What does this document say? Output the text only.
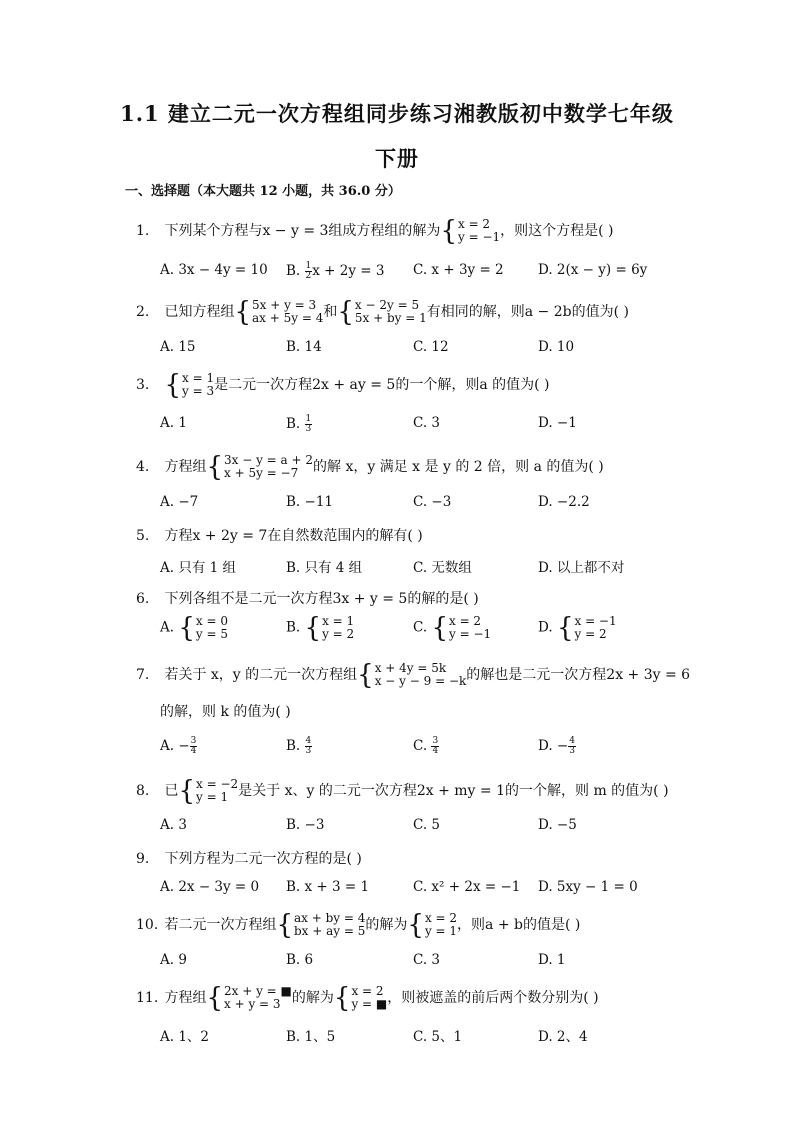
1.1 建立二元一次方程组同步练习湘教版初中数学七年级
下册
一、选择题（本大题共 12 小题，共 36.0 分）
1. 下列某个方程与x − y = 3组成方程组的解为 { x = 2
y = −1 ，则这个方程是( )
A. 3x − 4y = 10 B. $\frac{1}{2}$ x + 2y = 3 C. x + 3y = 2	D. 2(x − y) = 6y
2. 已知方程组 { 5x + y = 3
ax + 5y = 4 和 { x − 2y = 5
5x + by = 1 有相同的解，则a − 2b的值为( )
A. 15	B. 14	C. 12	D. 10
3. { x = 1
y = 3 是二元一次方程2x + ay = 5的一个解，则a 的值为( )
A. 1	B. $\frac{1}{3}$	C. 3	D. −1
4. 方程组 { 3x − y = a + 2
x + 5y = −7	的解 x，y 满足 x 是 y 的 2 倍，则 a 的值为( )
A. −7	B. −11	C. −3	D. −2.2
5. 方程x + 2y = 7在自然数范围内的解有( )
A. 只有 1 组	B. 只有 4 组	C. 无数组	D. 以上都不对
6. 下列各组不是二元一次方程3x + y = 5的解的是( )
A. { x = 0
y = 5	B. { x = 1
y = 2	C. { x = 2
y = −1	D. { x = −1
y = 2
7. 若关于 x，y 的二元一次方程组 { x + 4y = 5k
x − y − 9 = −k 的解也是二元一次方程2x + 3y = 6
的解，则 k 的值为( )
A. − $\frac{3}{4}$	B. $\frac{4}{3}$	C. $\frac{3}{4}$	D. − $\frac{4}{3}$
8. 已 { x = −2
y = 1 是关于 x、y 的二元一次方程2x + my = 1的一个解，则 m 的值为( )
A. 3	B. −3	C. 5	D. −5
9. 下列方程为二元一次方程的是( )
A. 2x − 3y = 0 B. x + 3 = 1	C. x² + 2x = −1 D. 5xy − 1 = 0
10. 若二元一次方程组 { ax + by = 4
bx + ay = 5 的解为 { x = 2
y = 1 ，则a + b的值是( )
A. 9	B. 6	C. 3	D. 1
11. 方程组 { 2x + y = ■
x + y = 3 的解为 { x = 2
y = ■ ，则被遮盖的前后两个数分别为( )
A. 1、2	B. 1、5	C. 5、1	D. 2、4
